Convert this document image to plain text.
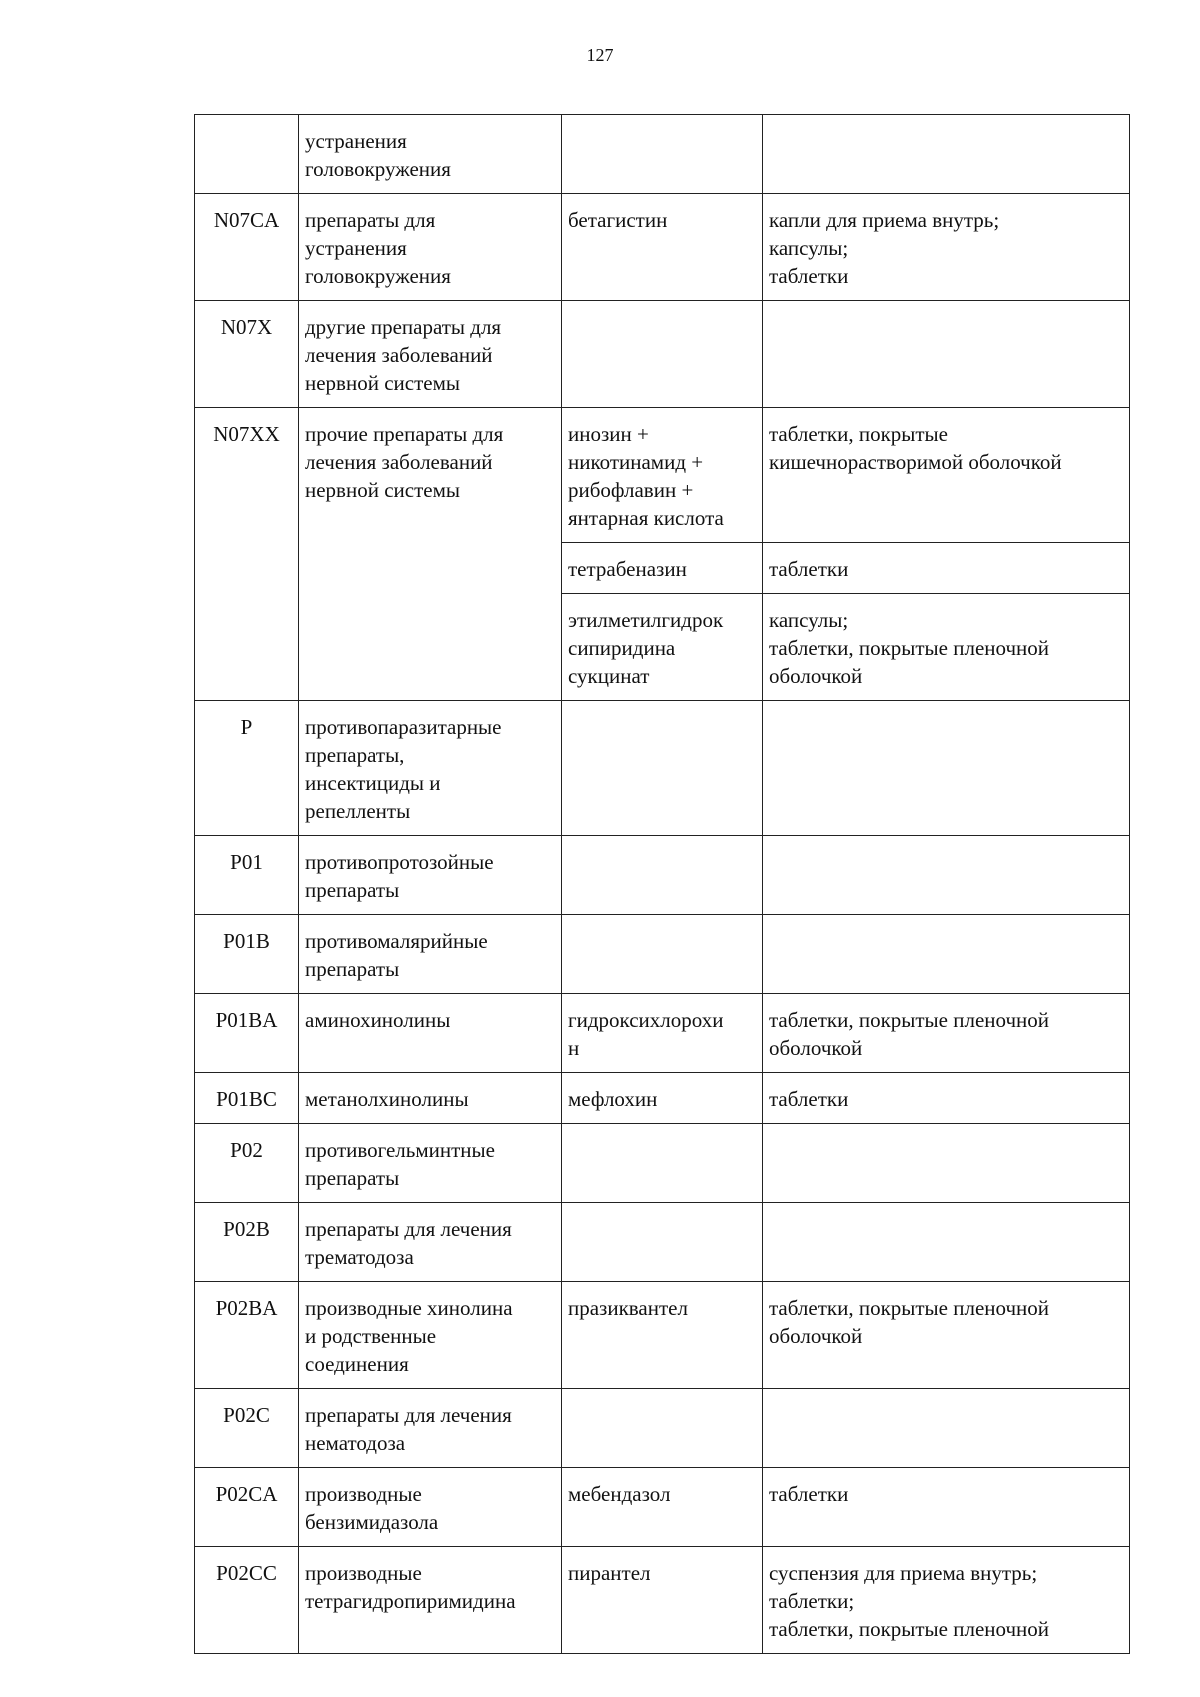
127
	устранения
головокружения		
N07CA	препараты для
устранения
головокружения	бетагистин	капли для приема внутрь;
капсулы;
таблетки
N07X	другие препараты для
лечения заболеваний
нервной системы		
N07XX	прочие препараты для
лечения заболеваний
нервной системы	инозин +
никотинамид +
рибофлавин +
янтарная кислота	таблетки, покрытые
кишечнорастворимой оболочкой
		тетрабеназин	таблетки
		этилметилгидрок
сипиридина
сукцинат	капсулы;
таблетки, покрытые пленочной
оболочкой
P	противопаразитарные
препараты,
инсектициды и
репелленты		
P01	противопротозойные
препараты		
P01B	противомалярийные
препараты		
P01BA	аминохинолины	гидроксихлорохи
н	таблетки, покрытые пленочной
оболочкой
P01BC	метанолхинолины	мефлохин	таблетки
P02	противогельминтные
препараты		
P02B	препараты для лечения
трематодоза		
P02BA	производные хинолина
и родственные
соединения	празиквантел	таблетки, покрытые пленочной
оболочкой
P02C	препараты для лечения
нематодоза		
P02CA	производные
бензимидазола	мебендазол	таблетки
P02CC	производные
тетрагидропиримидина	пирантел	суспензия для приема внутрь;
таблетки;
таблетки, покрытые пленочной
